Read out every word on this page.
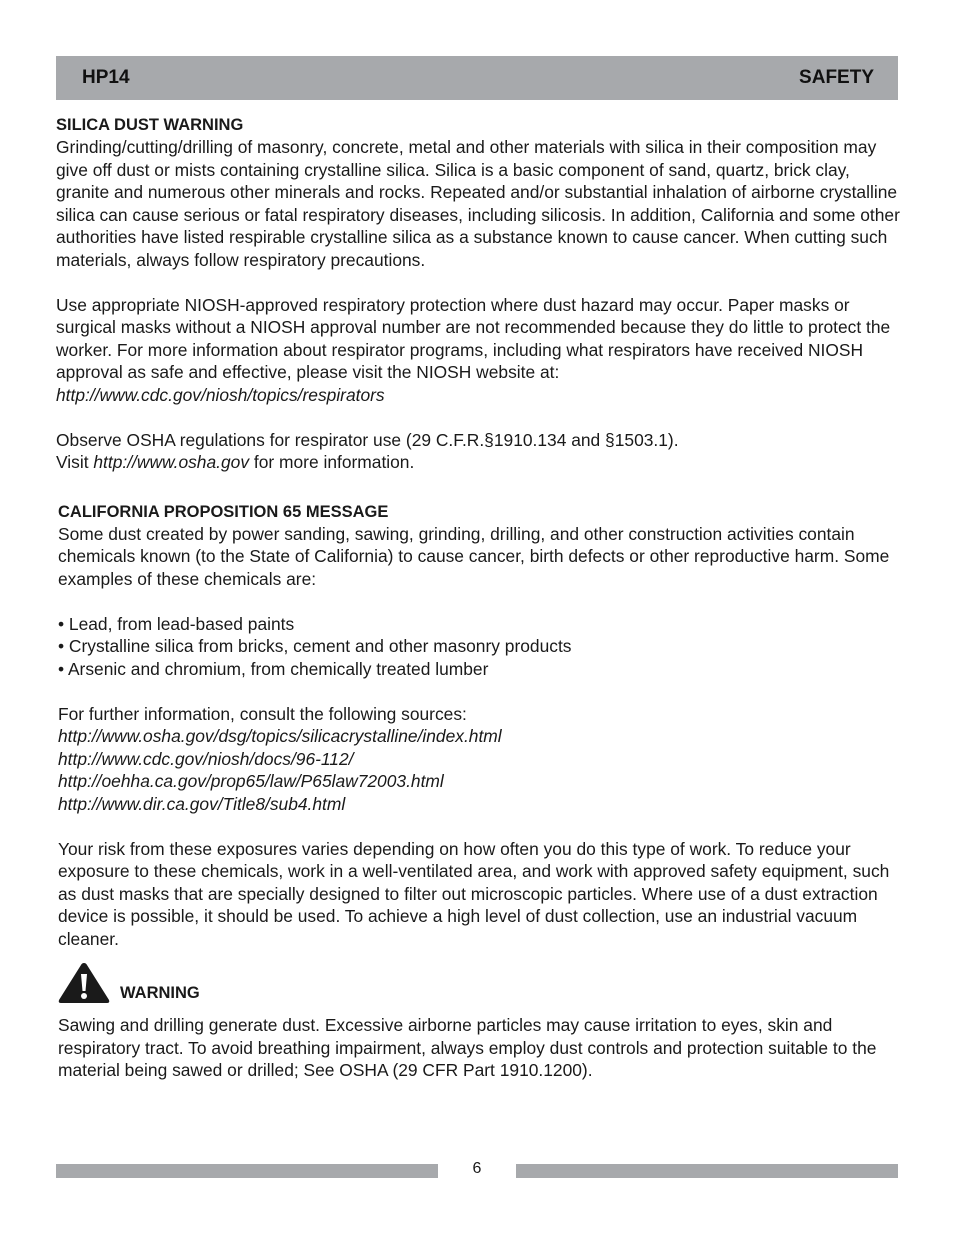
HP14	SAFETY
SILICA DUST WARNING

Grinding/cutting/drilling of masonry, concrete, metal and other materials with silica in their composition may give off dust or mists containing crystalline silica. Silica is a basic component of sand, quartz, brick clay, granite and numerous other minerals and rocks. Repeated and/or substantial inhalation of airborne crystalline silica can cause serious or fatal respiratory diseases, including silicosis. In addition, California and some other authorities have listed respirable crystalline silica as a substance known to cause cancer. When cutting such materials, always follow respiratory precautions.

Use appropriate NIOSH-approved respiratory protection where dust hazard may occur. Paper masks or surgical masks without a NIOSH approval number are not recommended because they do little to protect the worker. For more information about respirator programs, including what respirators have received NIOSH approval as safe and effective, please visit the NIOSH website at:

http://www.cdc.gov/niosh/topics/respirators

Observe OSHA regulations for respirator use (29 C.F.R.§1910.134 and §1503.1).

Visit http://www.osha.gov for more information.

CALIFORNIA PROPOSITION 65 MESSAGE

Some dust created by power sanding, sawing, grinding, drilling, and other construction activities contain chemicals known (to the State of California) to cause cancer, birth defects or other reproductive harm. Some examples of these chemicals are:

• Lead, from lead-based paints

• Crystalline silica from bricks, cement and other masonry products

• Arsenic and chromium, from chemically treated lumber

For further information, consult the following sources:

http://www.osha.gov/dsg/topics/silicacrystalline/index.html

http://www.cdc.gov/niosh/docs/96-112/

http://oehha.ca.gov/prop65/law/P65law72003.html

http://www.dir.ca.gov/Title8/sub4.html

Your risk from these exposures varies depending on how often you do this type of work. To reduce your exposure to these chemicals, work in a well-ventilated area, and work with approved safety equipment, such as dust masks that are specially designed to filter out microscopic particles. Where use of a dust extraction device is possible, it should be used. To achieve a high level of dust collection, use an industrial vacuum cleaner.

WARNING

Sawing and drilling generate dust. Excessive airborne particles may cause irritation to eyes, skin and respiratory tract. To avoid breathing impairment, always employ dust controls and protection suitable to the material being sawed or drilled; See OSHA (29 CFR Part 1910.1200).

6
